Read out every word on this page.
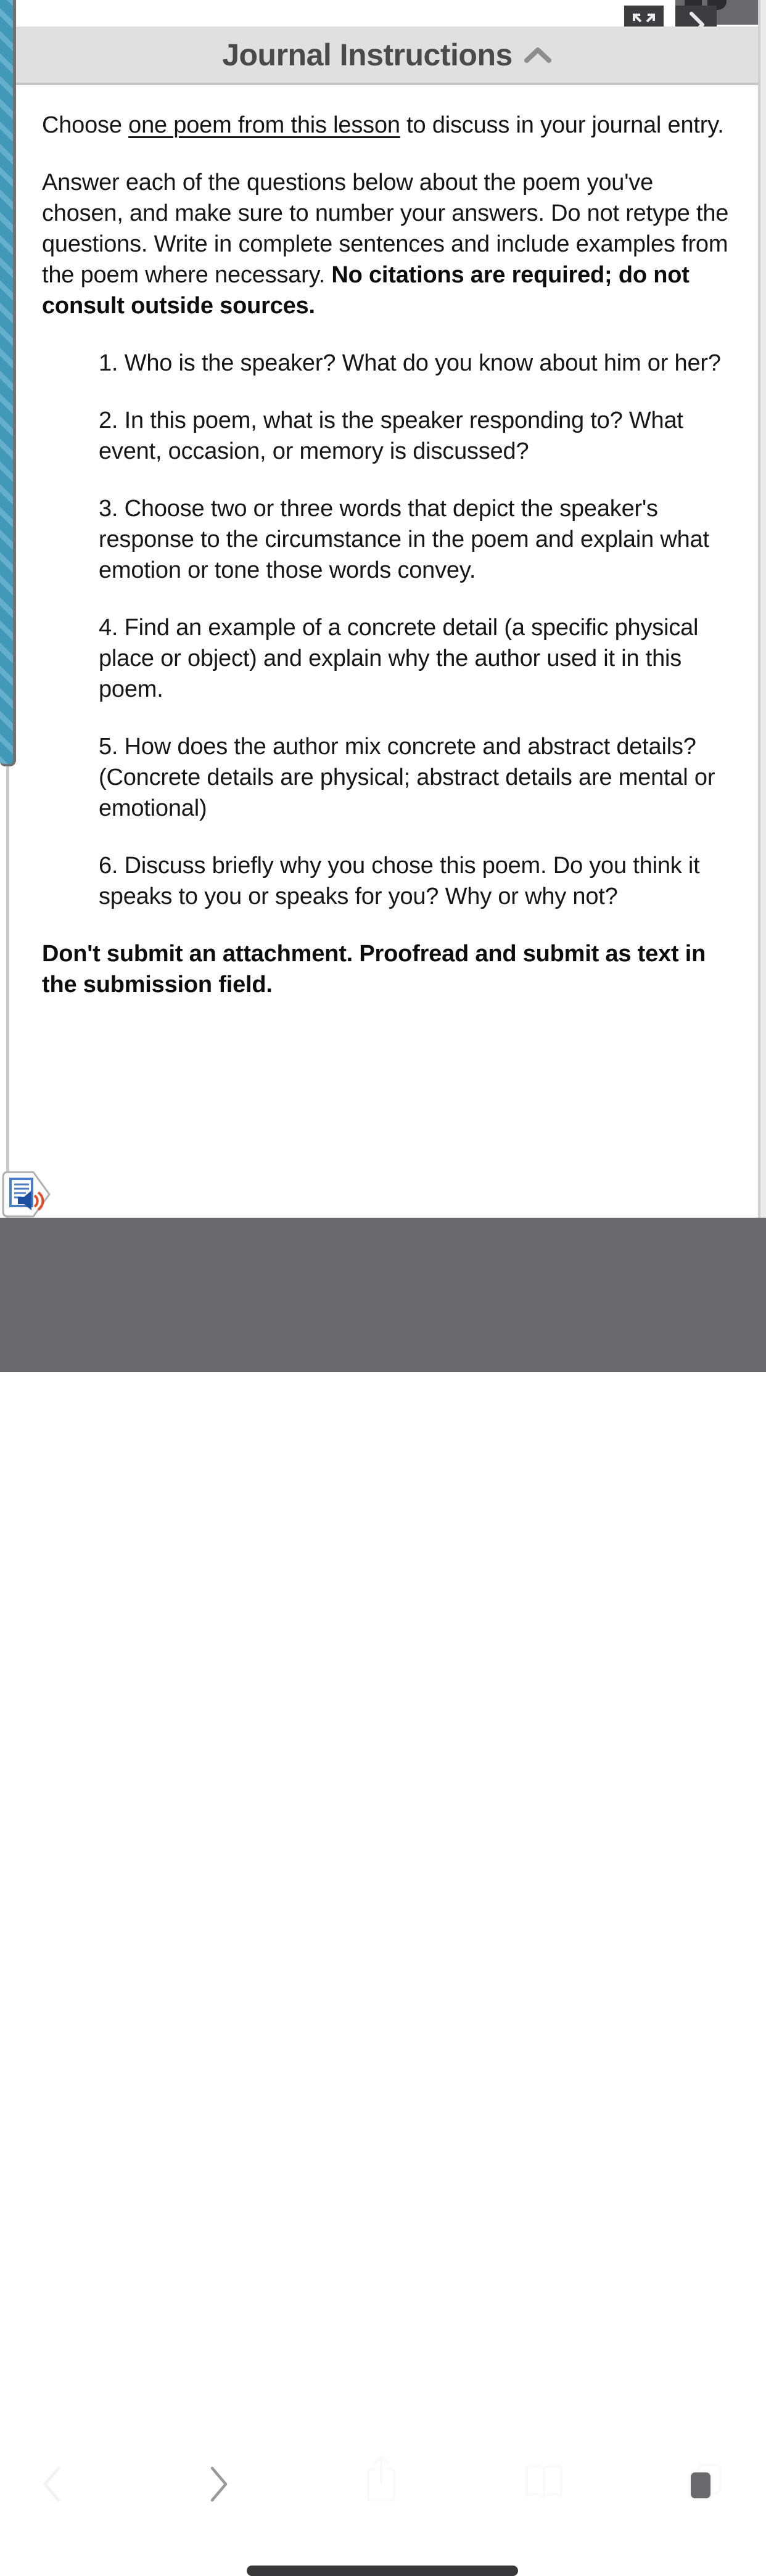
Journal Instructions

Choose one poem from this lesson to discuss in your journal entry.

Answer each of the questions below about the poem you've chosen, and make sure to number your answers. Do not retype the questions. Write in complete sentences and include examples from the poem where necessary. No citations are required; do not consult outside sources.

1. Who is the speaker? What do you know about him or her?
2. In this poem, what is the speaker responding to? What event, occasion, or memory is discussed?
3. Choose two or three words that depict the speaker's response to the circumstance in the poem and explain what emotion or tone those words convey.
4. Find an example of a concrete detail (a specific physical place or object) and explain why the author used it in this poem.
5. How does the author mix concrete and abstract details? (Concrete details are physical; abstract details are mental or emotional)
6. Discuss briefly why you chose this poem. Do you think it speaks to you or speaks for you? Why or why not?

Don't submit an attachment. Proofread and submit as text in the submission field.
